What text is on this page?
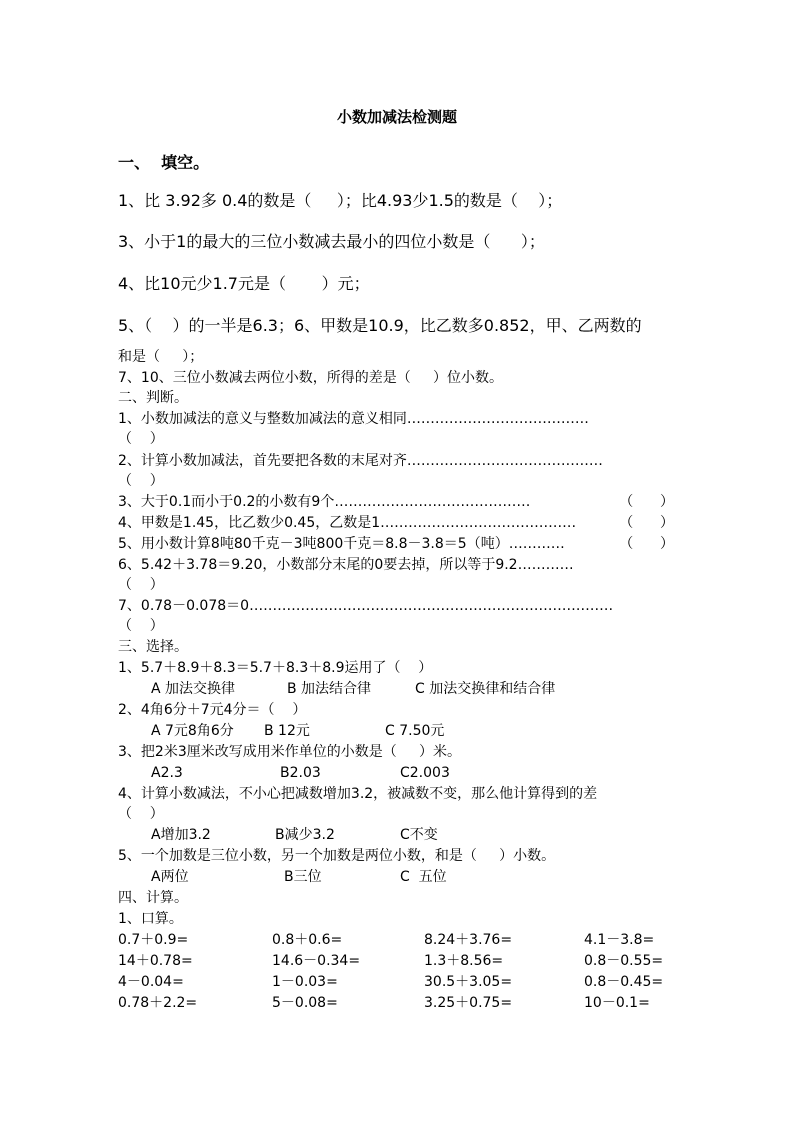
小数加减法检测题
一、  填空。
1、比 3.92多 0.4的数是（     ）；比4.93少1.5的数是（    ）；
3、小于1的最大的三位小数减去最小的四位小数是（      ）；
4、比10元少1.7元是（       ）元；
5、（    ）的一半是6.3；6、甲数是10.9，比乙数多0.852，甲、乙两数的
和是（     ）；
7、10、三位小数减去两位小数，所得的差是（     ）位小数。
二、判断。
1、小数加减法的意义与整数加减法的意义相同…………………………………
（    ）
2、计算小数加减法，首先要把各数的末尾对齐……………………………………
（    ）
3、大于0.1而小于0.2的小数有9个……………………………………	（      ）
4、甲数是1.45，比乙数少0.45，乙数是1……………………………………	（      ）
5、用小数计算8吨80千克－3吨800千克＝8.8－3.8＝5（吨）…………	（      ）
6、5.42＋3.78＝9.20，小数部分末尾的0要去掉，所以等于9.2…………
（    ）
7、0.78－0.078＝0……………………………………………………………………
（    ）
三、选择。
1、5.7＋8.9＋8.3＝5.7＋8.3＋8.9运用了（    ）
A 加法交换律	B 加法结合律	C 加法交换律和结合律
2、4角6分＋7元4分＝（    ）
A 7元8角6分 B 12元	C 7.50元
3、把2米3厘米改写成用米作单位的小数是（     ）米。
A2.3	B2.03	C2.003
4、计算小数减法，不小心把减数增加3.2，被减数不变，那么他计算得到的差
（    ）
A增加3.2	B减少3.2	C不变
5、一个加数是三位小数，另一个加数是两位小数，和是（     ）小数。
A两位	B三位	C  五位
四、计算。
1、口算。
0.7＋0.9=	0.8＋0.6=	8.24＋3.76=	4.1－3.8=
14＋0.78=	14.6－0.34=	1.3＋8.56=	0.8－0.55=
4－0.04=	1－0.03=	30.5＋3.05=	0.8－0.45=
0.78＋2.2=	5－0.08=	3.25＋0.75=	10－0.1=
